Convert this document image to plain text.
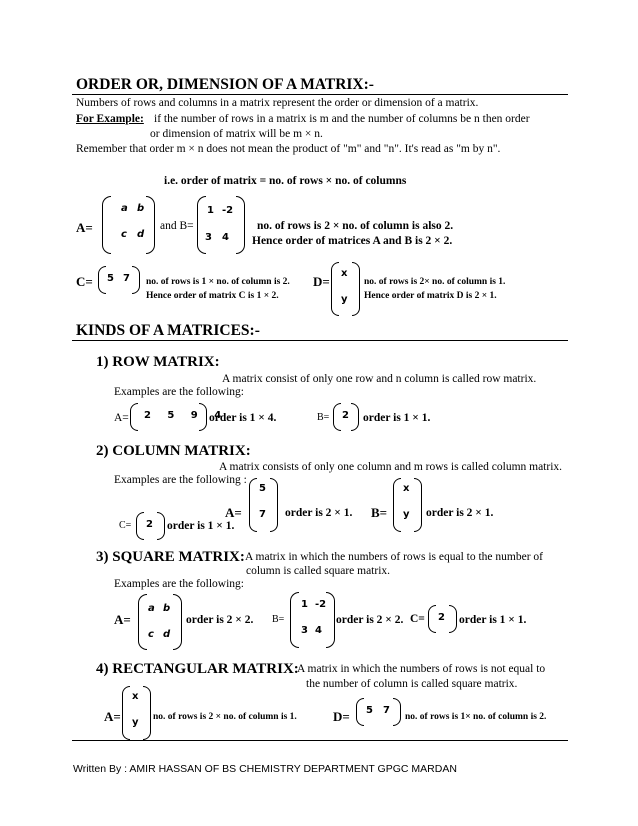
ORDER OR, DIMENSION OF A MATRIX:-
Numbers of rows and columns in a matrix represent the order or dimension of a matrix.
For Example: if the number of rows in a matrix is m and the number of columns be n then order
or dimension of matrix will be m × n.
Remember that order m × n does not mean the product of "m" and "n". It's read as "m by n".
i.e. order of matrix = no. of rows × no. of columns
A=
a b
c d
and B=
1 -2
3 4
no. of rows is 2 × no. of column is also 2.
Hence order of matrices A and B is 2 × 2.
C= 5 7 no. of rows is 1 × no. of column is 2.
Hence order of matrix C is 1 × 2.
D=
x
y
no. of rows is 2× no. of column is 1.
Hence order of matrix D is 2 × 1.
KINDS OF A MATRICES:-
1) ROW MATRIX:
A matrix consist of only one row and n column is called row matrix.
Examples are the following:
A= 2   5   9   4
order is 1 × 4.	B= 2 order is 1 × 1.
2) COLUMN MATRIX:
A matrix consists of only one column and m rows is called column matrix.
Examples are the following :
A=
5
7 order is 2 × 1. B=
x
y order is 2 × 1.
C= 2 order is 1 × 1.
3) SQUARE MATRIX: A matrix in which the numbers of rows is equal to the number of
column is called square matrix.
Examples are the following:
A=
a b
c d
order is 2 × 2. B=
1 -2
3 4
order is 2 × 2. C= 2 order is 1 × 1.
4) RECTANGULAR MATRIX:
A matrix in which the numbers of rows is not equal to
the number of column is called square matrix.
A=
x
y no. of rows is 2 × no. of column is 1.	D= 5 7
no. of rows is 1× no. of column is 2.
Written By : AMIR HASSAN OF BS CHEMISTRY DEPARTMENT GPGC MARDAN
